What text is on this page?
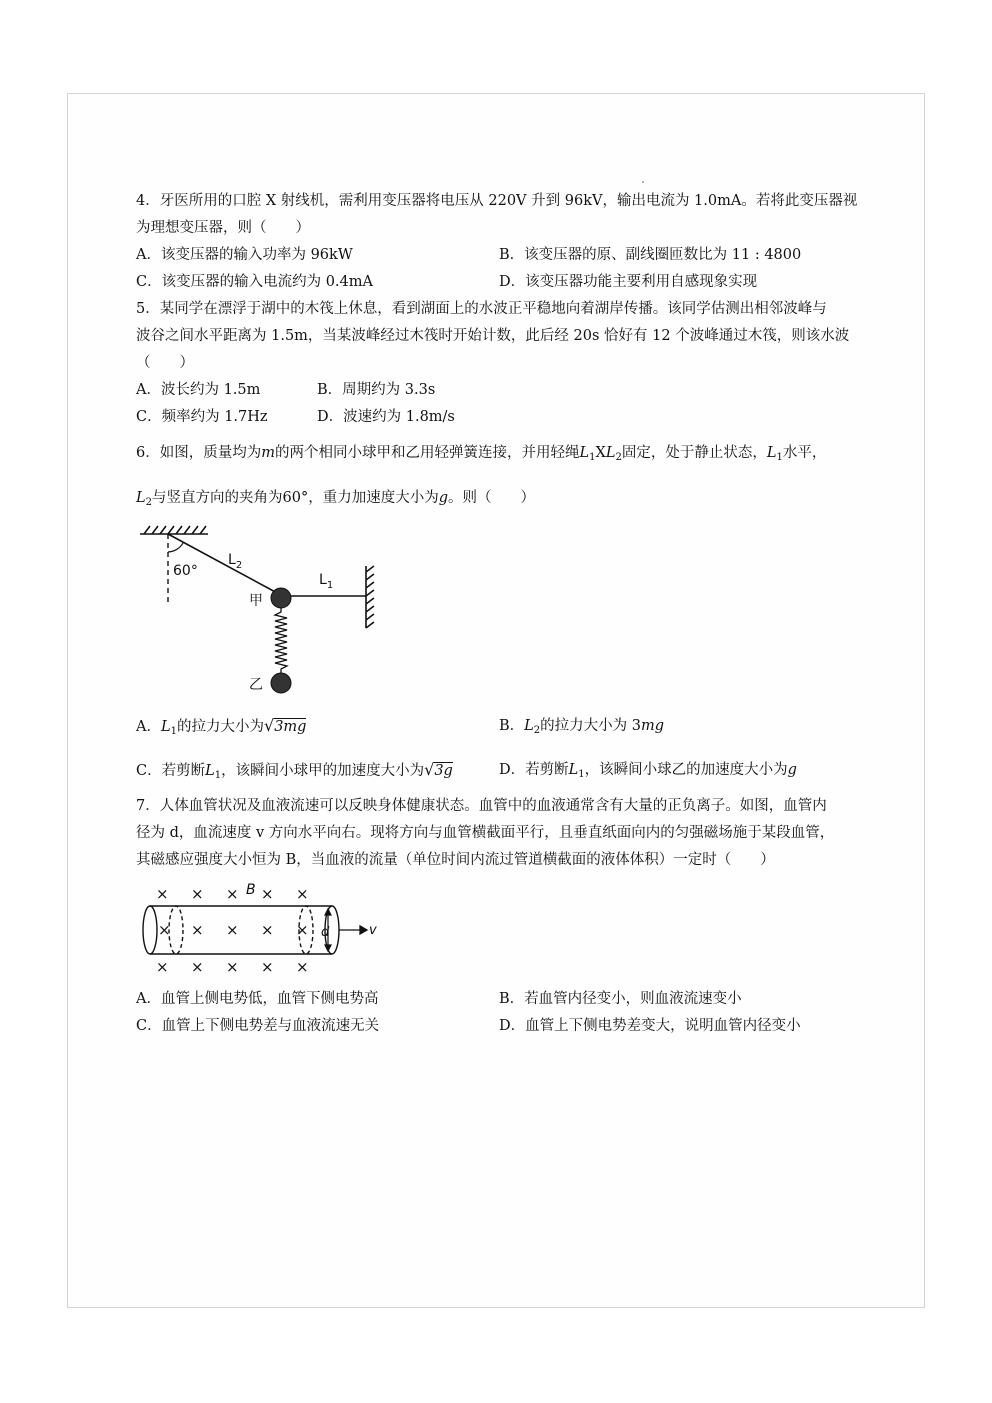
4．牙医所用的口腔 X 射线机，需利用变压器将电压从 220V 升到 96kV，输出电流为 1.0mA。若将此变压器视
为理想变压器，则（　　）
A．该变压器的输入功率为 96kW	B．该变压器的原、副线圈匝数比为 11 : 4800
C．该变压器的输入电流约为 0.4mA	D．该变压器功能主要利用自感现象实现
5．某同学在漂浮于湖中的木筏上休息，看到湖面上的水波正平稳地向着湖岸传播。该同学估测出相邻波峰与
波谷之间水平距离为 1.5m，当某波峰经过木筏时开始计数，此后经 20s 恰好有 12 个波峰通过木筏，则该水波
（　　）
A．波长约为 1.5m	B．周期约为 3.3s
C．频率约为 1.7Hz	D．波速约为 1.8m/s
6．如图，质量均为m的两个相同小球甲和乙用轻弹簧连接，并用轻绳$L_1XL_2$固定，处于静止状态，$L_1$水平，
$L_2$与竖直方向的夹角为60°，重力加速度大小为g。则（　　）
60°
$L_2$
$L_1$
甲
乙
A．$L_1$的拉力大小为√3mg	B．$L_2$的拉力大小为 3mg
C．若剪断$L_1$，该瞬间小球甲的加速度大小为√3g	D．若剪断$L_1$，该瞬间小球乙的加速度大小为g
7．人体血管状况及血液流速可以反映身体健康状态。血管中的血液通常含有大量的正负离子。如图，血管内
径为 d，血流速度 v 方向水平向右。现将方向与血管横截面平行，且垂直纸面向内的匀强磁场施于某段血管，
其磁感应强度大小恒为 B，当血液的流量（单位时间内流过管道横截面的液体体积）一定时（　　）
× × × × ×
B
× × × × × d	v
× × × × ×
A．血管上侧电势低，血管下侧电势高	B．若血管内径变小，则血液流速变小
C．血管上下侧电势差与血液流速无关	D．血管上下侧电势差变大，说明血管内径变小
